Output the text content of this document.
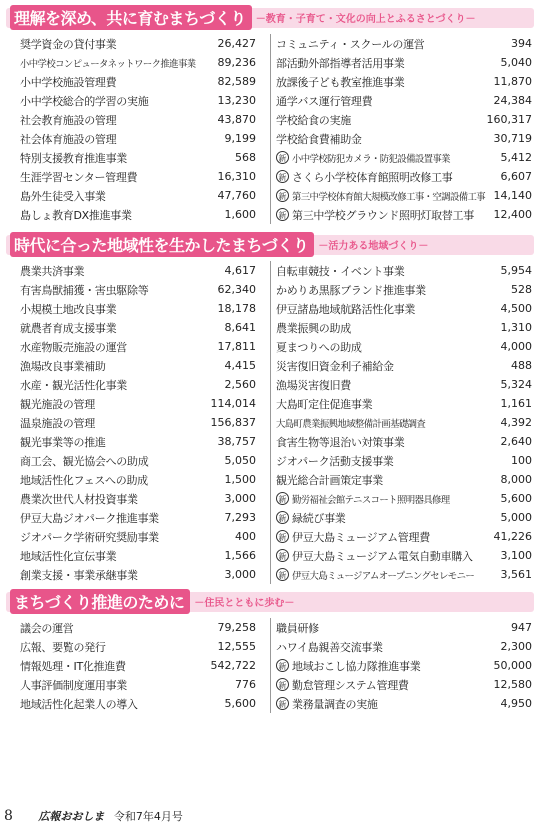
理解を深め、共に育むまちづくり	－教育・子育て・文化の向上とふるさとづくり－
奨学資金の貸付事業	26,427
小中学校コンピュータネットワーク推進事業	89,236
小中学校施設管理費	82,589
小中学校総合的学習の実施	13,230
社会教育施設の管理	43,870
社会体育施設の管理	9,199
特別支援教育推進事業	568
生涯学習センター管理費	16,310
島外生徒受入事業	47,760
島しょ教育DX推進事業	1,600
コミュニティ・スクールの運営	394
部活動外部指導者活用事業	5,040
放課後子ども教室推進事業	11,870
通学バス運行管理費	24,384
学校給食の実施	160,317
学校給食費補助金	30,719
新 小中学校防犯カメラ・防犯設備設置事業	5,412
新 さくら小学校体育館照明改修工事	6,607
新 第三中学校体育館大規模改修工事・空調設備工事 14,140
新 第三中学校グラウンド照明灯取替工事	12,400
時代に合った地域性を生かしたまちづくり	－活力ある地域づくり－
農業共済事業	4,617
有害鳥獣捕獲・害虫駆除等	62,340
小規模土地改良事業	18,178
就農者育成支援事業	8,641
水産物販売施設の運営	17,811
漁場改良事業補助	4,415
水産・観光活性化事業	2,560
観光施設の管理	114,014
温泉施設の管理	156,837
観光事業等の推進	38,757
商工会、観光協会への助成	5,050
地域活性化フェスへの助成	1,500
農業次世代人材投資事業	3,000
伊豆大島ジオパーク推進事業	7,293
ジオパーク学術研究奨励事業	400
地域活性化宣伝事業	1,566
創業支援・事業承継事業	3,000
自転車競技・イベント事業	5,954
かめりあ黒豚ブランド推進事業	528
伊豆諸島地域航路活性化事業	4,500
農業振興の助成	1,310
夏まつりへの助成	4,000
災害復旧資金利子補給金	488
漁場災害復旧費	5,324
大島町定住促進事業	1,161
大島町農業振興地域整備計画基礎調査	4,392
食害生物等退治い対策事業	2,640
ジオパーク活動支援事業	100
観光総合計画策定事業	8,000
新 勤労福祉会館テニスコート照明器具修理	5,600
新 緑続び事業	5,000
新 伊豆大島ミュージアム管理費	41,226
新 伊豆大島ミュージアム電気自動車購入	3,100
新 伊豆大島ミュージアムオープニングセレモニー	3,561
まちづくり推進のために	－住民とともに歩む－
議会の運営	79,258
広報、要覧の発行	12,555
情報処理・IT化推進費	542,722
人事評価制度運用事業	776
地域活性化起業人の導入	5,600
職員研修	947
ハワイ島親善交流事業	2,300
新 地域おこし協力隊推進事業	50,000
新 勤怠管理システム管理費	12,580
新 業務量調査の実施	4,950
8 広報おおしま 令和7年4月号
